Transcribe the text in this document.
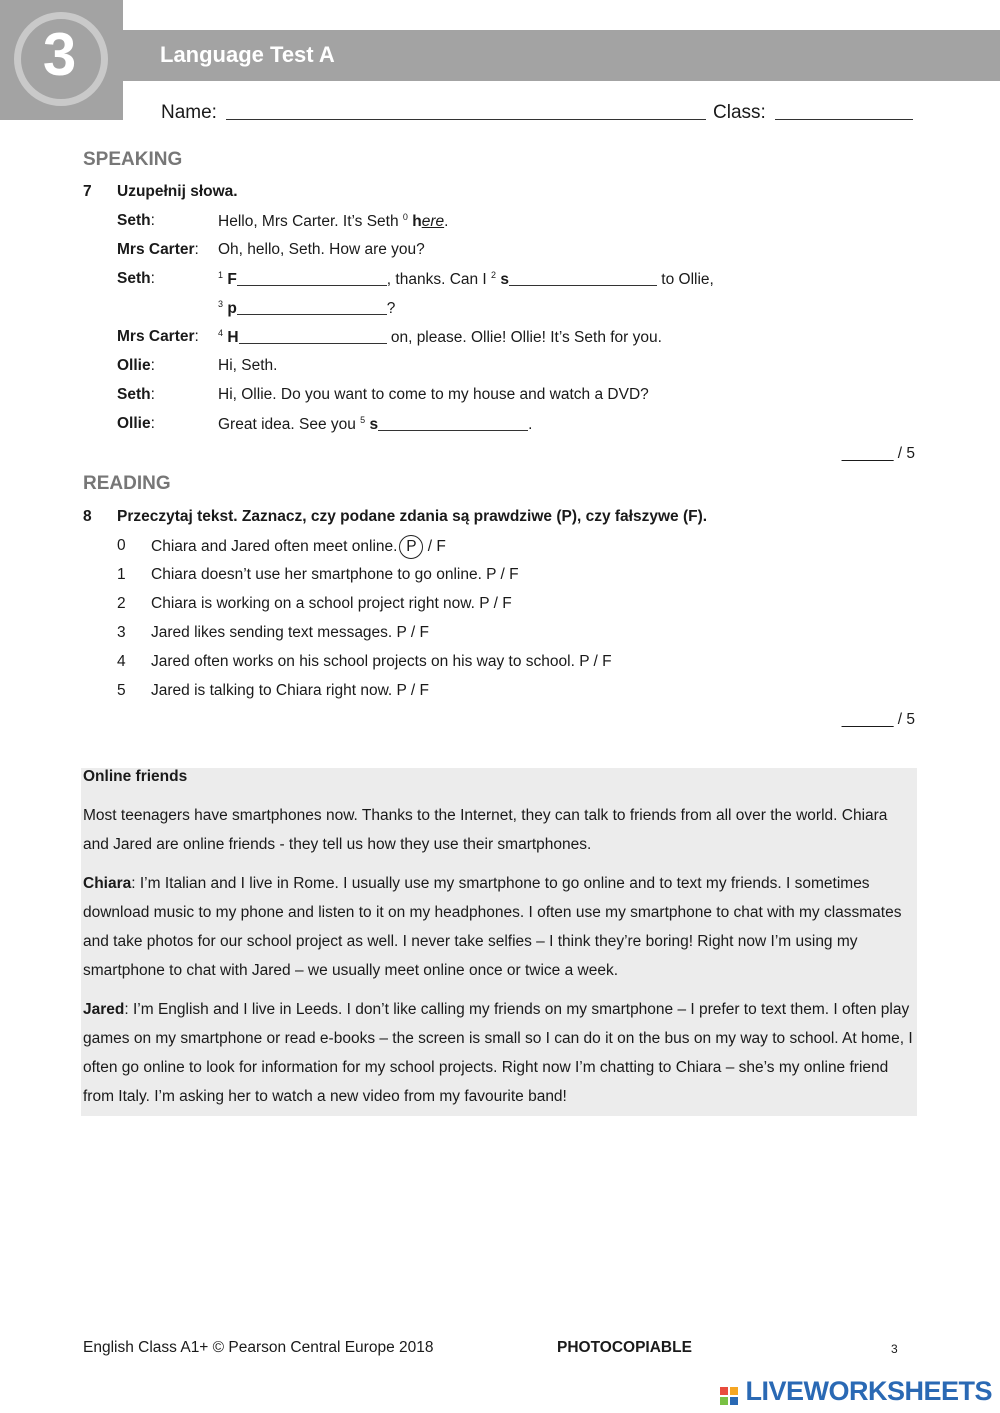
3	Language Test A
Name:	Class:
SPEAKING
7 Uzupełnij słowa.
Seth:	Hello, Mrs Carter. It’s Seth $^0$ here.
Mrs Carter: Oh, hello, Seth. How are you?
Seth:	$^1$ F	, thanks. Can I $^2$ s	to Ollie,
$^3$ p	?
Mrs Carter: $^4$ H	on, please. Ollie! Ollie! It’s Seth for you.
Ollie:	Hi, Seth.
Seth:	Hi, Ollie. Do you want to come to my house and watch a DVD?
Ollie:	Great idea. See you $^5$ s	.
______ / 5
READING
8 Przeczytaj tekst. Zaznacz, czy podane zdania są prawdziwe (P), czy fałszywe (F).
0 Chiara and Jared often meet online. P / F
1 Chiara doesn’t use her smartphone to go online. P / F
2 Chiara is working on a school project right now. P / F
3 Jared likes sending text messages. P / F
4 Jared often works on his school projects on his way to school. P / F
5 Jared is talking to Chiara right now. P / F
______ / 5
Online friends
Most teenagers have smartphones now. Thanks to the Internet, they can talk to friends from all over the world. Chiara and Jared are online friends - they tell us how they use their smartphones.
Chiara: I’m Italian and I live in Rome. I usually use my smartphone to go online and to text my friends. I sometimes download music to my phone and listen to it on my headphones. I often use my smartphone to chat with my classmates and take photos for our school project as well. I never take selfies – I think they’re boring! Right now I’m using my smartphone to chat with Jared – we usually meet online once or twice a week.
Jared: I’m English and I live in Leeds. I don’t like calling my friends on my smartphone – I prefer to text them. I often play games on my smartphone or read e-books – the screen is small so I can do it on the bus on my way to school. At home, I often go online to look for information for my school projects. Right now I’m chatting to Chiara – she’s my online friend from Italy. I’m asking her to watch a new video from my favourite band!
English Class A1+ © Pearson Central Europe 2018	PHOTOCOPIABLE	3
LIVEWORKSHEETS
